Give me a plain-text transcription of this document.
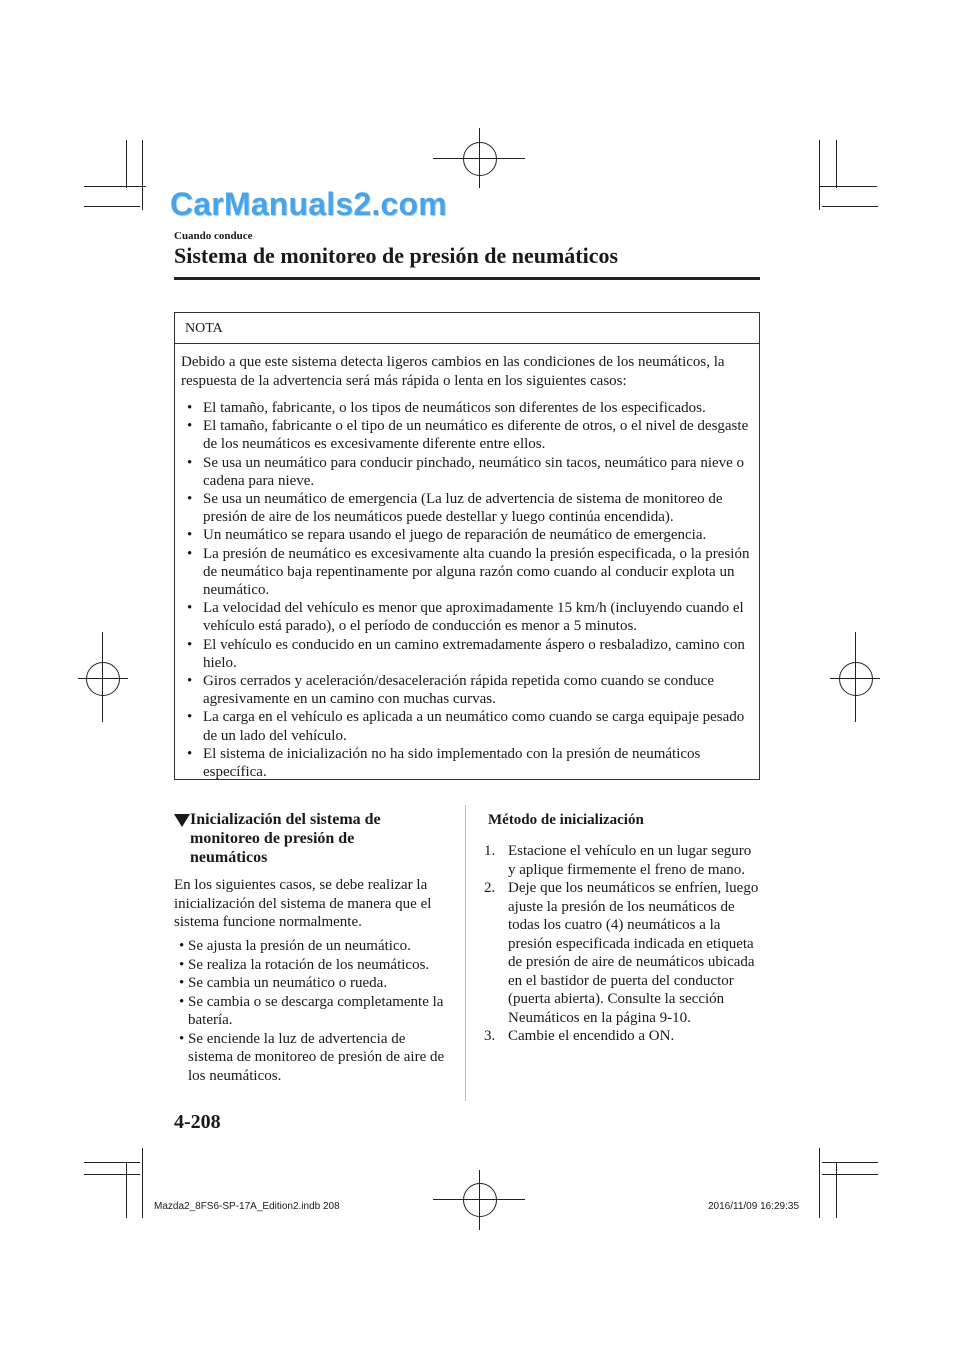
CarManuals2.com
Cuando conduce
Sistema de monitoreo de presión de neumáticos
NOTA
Debido a que este sistema detecta ligeros cambios en las condiciones de los neumáticos, la respuesta de la advertencia será más rápida o lenta en los siguientes casos:
• El tamaño, fabricante, o los tipos de neumáticos son diferentes de los especificados.
• El tamaño, fabricante o el tipo de un neumático es diferente de otros, o el nivel de desgaste de los neumáticos es excesivamente diferente entre ellos.
• Se usa un neumático para conducir pinchado, neumático sin tacos, neumático para nieve o cadena para nieve.
• Se usa un neumático de emergencia (La luz de advertencia de sistema de monitoreo de presión de aire de los neumáticos puede destellar y luego continúa encendida).
• Un neumático se repara usando el juego de reparación de neumático de emergencia.
• La presión de neumático es excesivamente alta cuando la presión especificada, o la presión de neumático baja repentinamente por alguna razón como cuando al conducir explota un neumático.
• La velocidad del vehículo es menor que aproximadamente 15 km/h (incluyendo cuando el vehículo está parado), o el período de conducción es menor a 5 minutos.
• El vehículo es conducido en un camino extremadamente áspero o resbaladizo, camino con hielo.
• Giros cerrados y aceleración/desaceleración rápida repetida como cuando se conduce agresivamente en un camino con muchas curvas.
• La carga en el vehículo es aplicada a un neumático como cuando se carga equipaje pesado de un lado del vehículo.
• El sistema de inicialización no ha sido implementado con la presión de neumáticos específica.
Inicialización del sistema de monitoreo de presión de neumáticos
En los siguientes casos, se debe realizar la inicialización del sistema de manera que el sistema funcione normalmente.
• Se ajusta la presión de un neumático.
• Se realiza la rotación de los neumáticos.
• Se cambia un neumático o rueda.
• Se cambia o se descarga completamente la batería.
• Se enciende la luz de advertencia de sistema de monitoreo de presión de aire de los neumáticos.
Método de inicialización
1. Estacione el vehículo en un lugar seguro y aplique firmemente el freno de mano.
2. Deje que los neumáticos se enfríen, luego ajuste la presión de los neumáticos de todas los cuatro (4) neumáticos a la presión especificada indicada en etiqueta de presión de aire de neumáticos ubicada en el bastidor de puerta del conductor (puerta abierta). Consulte la sección Neumáticos en la página 9-10.
3. Cambie el encendido a ON.
4-208
Mazda2_8FS6-SP-17A_Edition2.indb 208	2016/11/09 16:29:35
